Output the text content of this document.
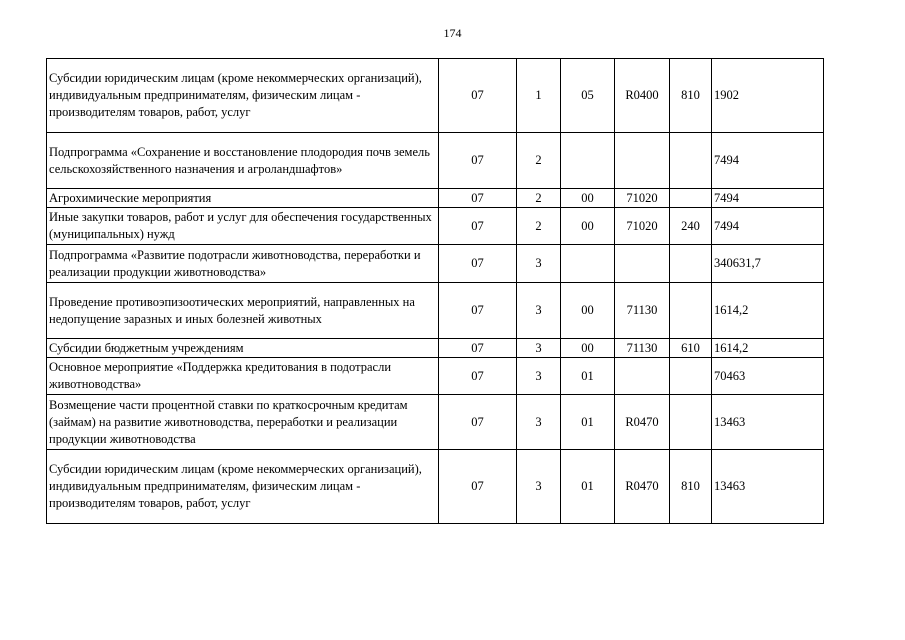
174
Субсидии юридическим лицам (кроме некоммерческих организаций), индивидуальным предпринимателям, физическим лицам - производителям товаров, работ, услуг	07	1	05	R0400	810	1902
Подпрограмма «Сохранение и восстановление плодородия почв земель сельскохозяйственного назначения и агроландшафтов»	07	2				7494
Агрохимические мероприятия	07	2	00	71020		7494
Иные закупки товаров, работ и услуг для обеспечения государственных (муниципальных) нужд	07	2	00	71020	240	7494
Подпрограмма «Развитие подотрасли животноводства, переработки и реализации продукции животноводства»	07	3				340631,7
Проведение противоэпизоотических мероприятий, направленных на недопущение заразных и иных болезней животных	07	3	00	71130		1614,2
Субсидии бюджетным учреждениям	07	3	00	71130	610	1614,2
Основное мероприятие «Поддержка кредитования в подотрасли животноводства»	07	3	01			70463
Возмещение части процентной ставки по краткосрочным кредитам (займам) на развитие животноводства, переработки и реализации продукции животноводства	07	3	01	R0470		13463
Субсидии юридическим лицам (кроме некоммерческих организаций), индивидуальным предпринимателям, физическим лицам - производителям товаров, работ, услуг	07	3	01	R0470	810	13463
